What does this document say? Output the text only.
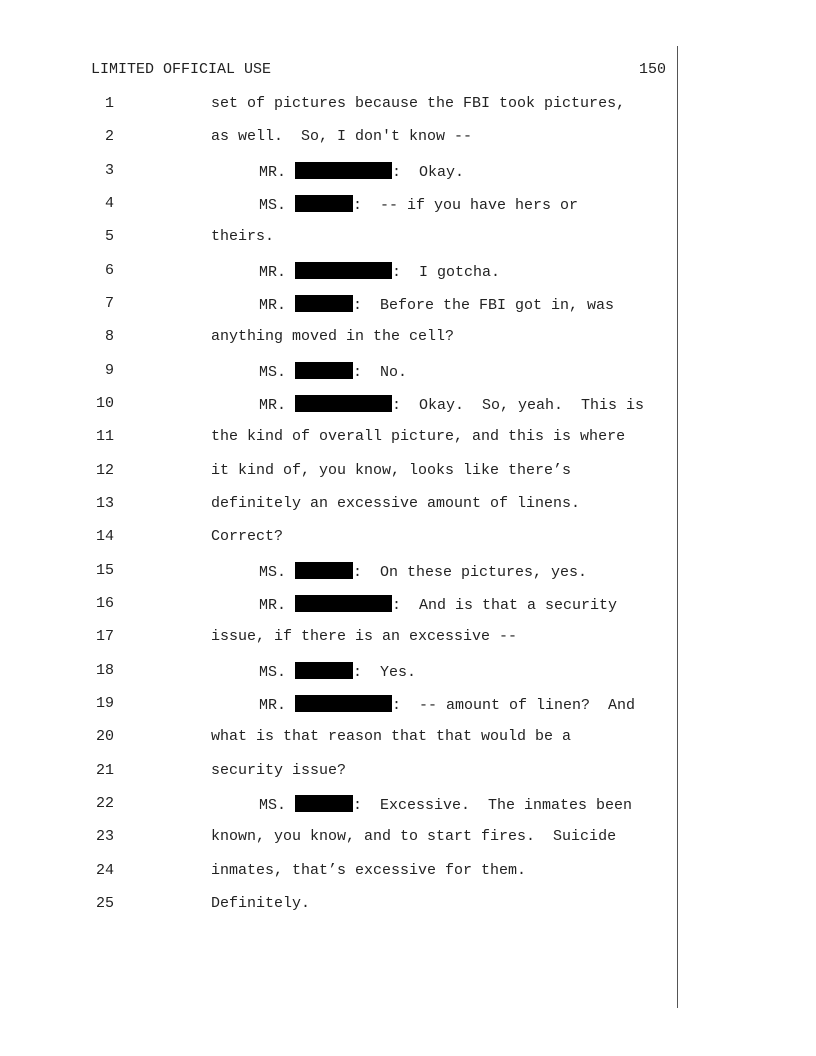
LIMITED OFFICIAL USE	150
1	set of pictures because the FBI took pictures,
2	as well.  So, I don't know --
3	MR.	:  Okay.
4	MS.	:  -- if you have hers or
5	theirs.
6	MR.	:  I gotcha.
7	MR.	:  Before the FBI got in, was
8	anything moved in the cell?
9	MS.	:  No.
10	MR.	:  Okay.  So, yeah.  This is
11	the kind of overall picture, and this is where
12	it kind of, you know, looks like there’s
13	definitely an excessive amount of linens.
14	Correct?
15	MS.	:  On these pictures, yes.
16	MR.	:  And is that a security
17	issue, if there is an excessive --
18	MS.	:  Yes.
19	MR.	:  -- amount of linen?  And
20	what is that reason that that would be a
21	security issue?
22	MS.	:  Excessive.  The inmates been
23	known, you know, and to start fires.  Suicide
24	inmates, that’s excessive for them.
25	Definitely.
